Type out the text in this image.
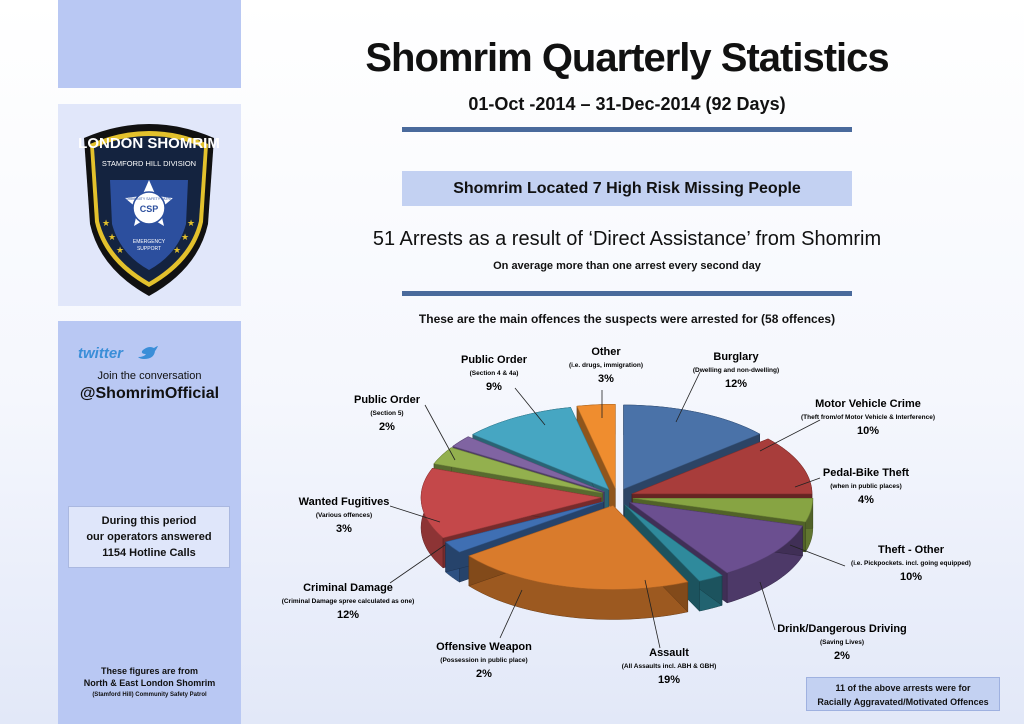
LONDON SHOMRIM
STAMFORD HILL DIVISION
COMMUNITY SAFETY PATROL
CSP
EMERGENCY
SUPPORT
★
★
★
★
★
★
twitter
Join the conversation
@ShomrimOfficial
During this period
our operators answered
1154 Hotline Calls
These figures are from
North & East London Shomrim
(Stamford Hill) Community Safety Patrol
Shomrim Quarterly Statistics
01-Oct -2014 – 31-Dec-2014 (92 Days)
Shomrim Located 7 High Risk Missing People
51 Arrests as a result of ‘Direct Assistance’ from Shomrim
On average more than one arrest every second day
These are the main offences the suspects were arrested for (58 offences)
Burglary
(Dwelling and non-dwelling)
12%
Motor Vehicle Crime
(Theft from/of Motor Vehicle & Interference)
10%
Pedal-Bike Theft
(when in public places)
4%
Theft - Other
(i.e. Pickpockets. incl. going equipped)
10%
Drink/Dangerous Driving
(Saving Lives)
2%
Assault
(All Assaults incl. ABH & GBH)
19%
Offensive Weapon
(Possession in public place)
2%
Criminal Damage
(Criminal Damage spree calculated as one)
12%
Wanted Fugitives
(Various offences)
3%
Public Order
(Section 5)
2%
Public Order
(Section 4 & 4a)
9%
Other
(i.e. drugs, immigration)
3%
11 of the above arrests were for
Racially Aggravated/Motivated Offences
